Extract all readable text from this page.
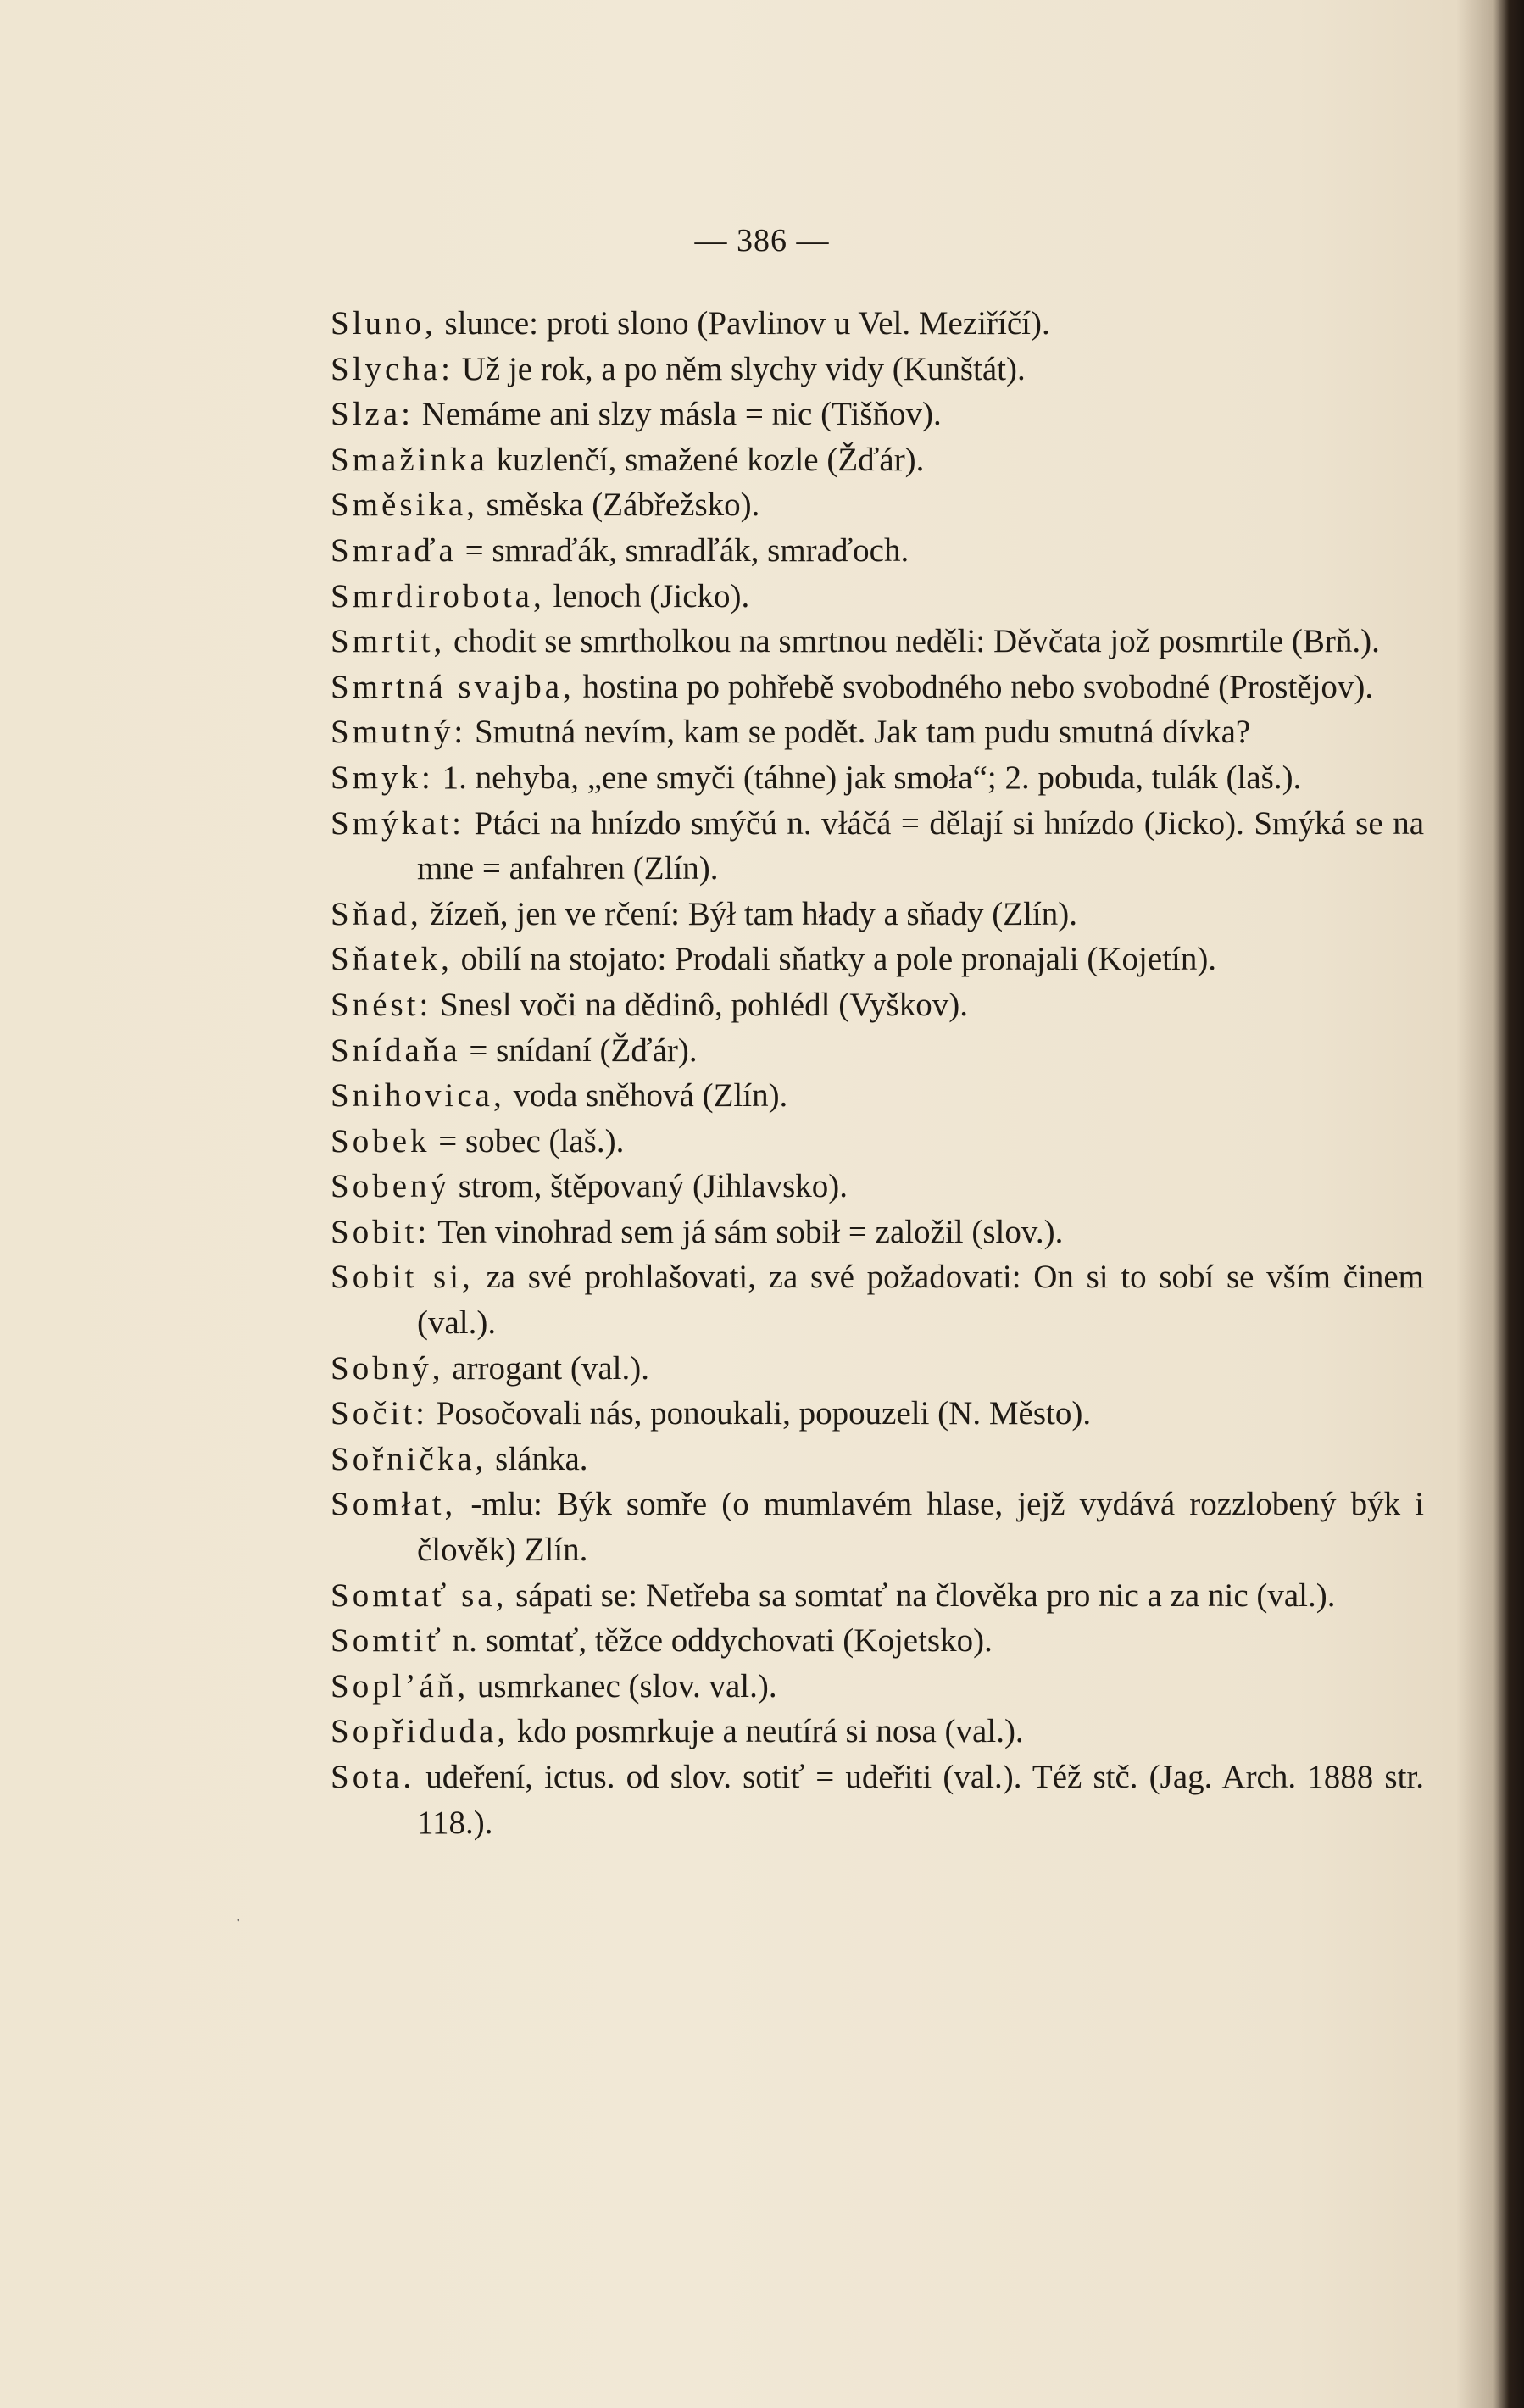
— 386 —

Sluno, slunce: proti slono (Pavlinov u Vel. Meziříčí).

Slycha: Už je rok, a po něm slychy vidy (Kunštát).

Slza: Nemáme ani slzy másla = nic (Tišňov).

Smažinka kuzlenčí, smažené kozle (Žďár).

Směsika, směska (Zábřežsko).

Smraďa = smraďák, smradľák, smraďoch.

Smrdirobota, lenoch (Jicko).

Smrtit, chodit se smrtholkou na smrtnou neděli: Děvčata jož posmrtile (Brň.).

Smrtná svajba, hostina po pohřebě svobodného nebo svobodné (Prostějov).

Smutný: Smutná nevím, kam se podět. Jak tam pudu smutná dívka?

Smyk: 1. nehyba, „ene smyči (táhne) jak smoła“; 2. pobuda, tulák (laš.).

Smýkat: Ptáci na hnízdo smýčú n. vłáčá = dělají si hnízdo (Jicko). Smýká se na mne = anfahren (Zlín).

Sňad, žízeň, jen ve rčení: Býł tam hłady a sňady (Zlín).

Sňatek, obilí na stojato: Prodali sňatky a pole pronajali (Kojetín).

Snést: Snesl voči na dědinô, pohlédl (Vyškov).

Snídaňa = snídaní (Žďár).

Snihovica, voda sněhová (Zlín).

Sobek = sobec (laš.).

Sobený strom, štěpovaný (Jihlavsko).

Sobit: Ten vinohrad sem já sám sobił = založil (slov.).

Sobit si, za své prohlašovati, za své požadovati: On si to sobí se vším činem (val.).

Sobný, arrogant (val.).

Sočit: Posočovali nás, ponoukali, popouzeli (N. Město).

Sořnička, slánka.

Somłat, -mlu: Býk somře (o mumlavém hlase, jejž vydává rozzlobený býk i člověk) Zlín.

Somtať sa, sápati se: Netřeba sa somtať na člověka pro nic a za nic (val.).

Somtiť n. somtať, těžce oddychovati (Kojetsko).

Soplʼáň, usmrkanec (slov. val.).

Sopřiduda, kdo posmrkuje a neutírá si nosa (val.).

Sota. udeření, ictus. od slov. sotiť = udeřiti (val.). Též stč. (Jag. Arch. 1888 str. 118.).

'
